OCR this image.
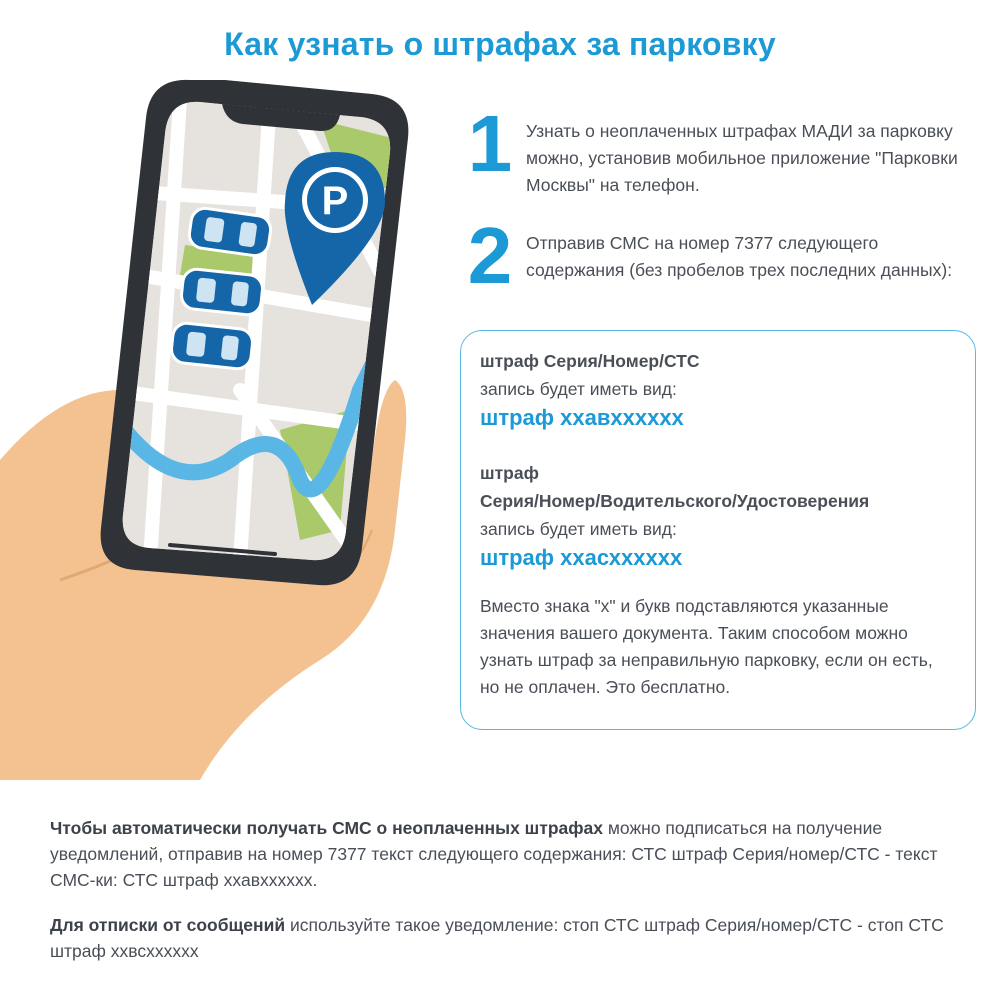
Как узнать о штрафах за парковку
P
1 Узнать о неоплаченных штрафах МАДИ за парковку можно, установив мобильное приложение "Парковки Москвы" на телефон.
2 Отправив СМС на номер 7377 следующего содержания (без пробелов трех последних данных):
штраф Серия/Номер/СТС
запись будет иметь вид:
штраф ххавхххххх
штраф
Серия/Номер/Водительского/Удостоверения
запись будет иметь вид:
штраф ххасхххххх
Вместо знака "х" и букв подставляются указанные значения вашего документа. Таким способом можно узнать штраф за неправильную парковку, если он есть, но не оплачен. Это бесплатно.
Чтобы автоматически получать СМС о неоплаченных штрафах можно подписаться на получение уведомлений, отправив на номер 7377 текст следующего содержания: СТС штраф Серия/номер/СТС - текст СМС-ки: СТС штраф ххавхххххх.
Для отписки от сообщений используйте такое уведомление: стоп СТС штраф Серия/номер/СТС - стоп СТС штраф ххвсхххххх
